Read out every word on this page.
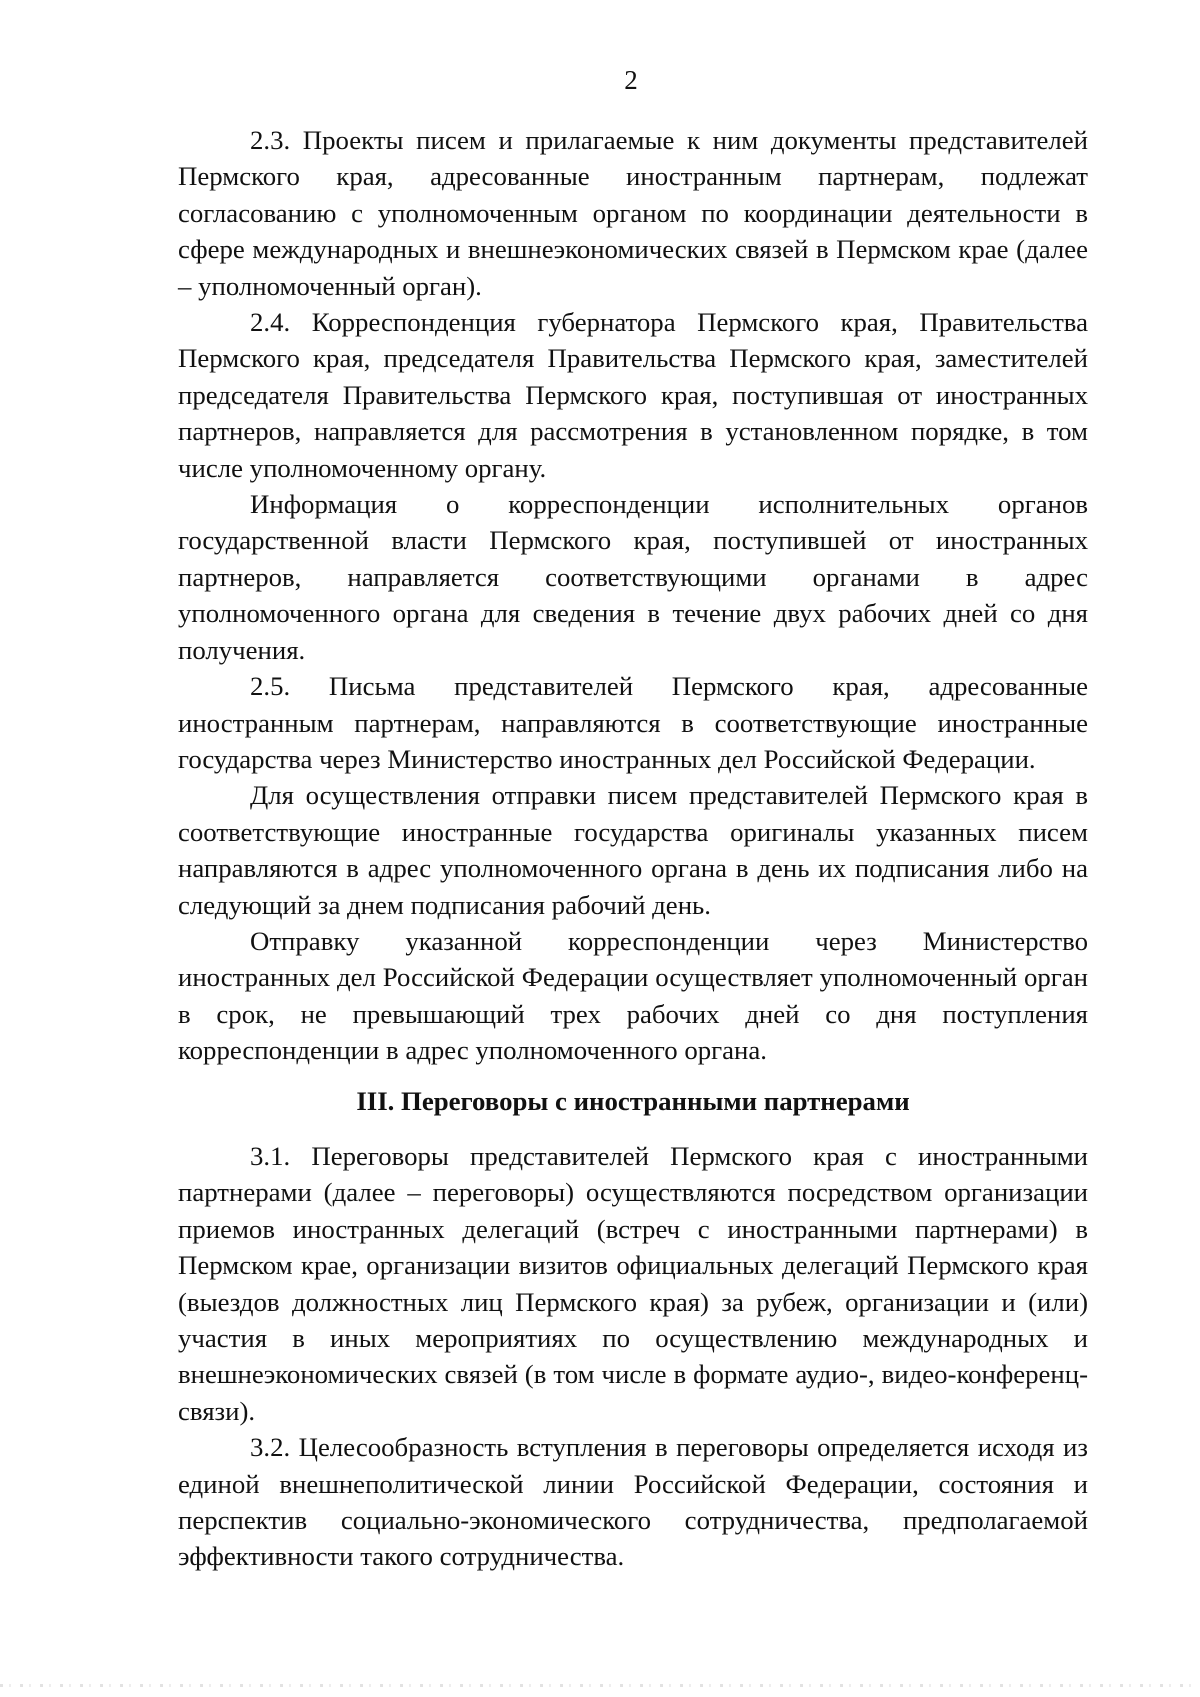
2

2.3. Проекты писем и прилагаемые к ним документы представителей Пермского края, адресованные иностранным партнерам, подлежат согласованию с уполномоченным органом по координации деятельности в сфере международных и внешнеэкономических связей в Пермском крае (далее – уполномоченный орган).

2.4. Корреспонденция губернатора Пермского края, Правительства Пермского края, председателя Правительства Пермского края, заместителей председателя Правительства Пермского края, поступившая от иностранных партнеров, направляется для рассмотрения в установленном порядке, в том числе уполномоченному органу.

Информация о корреспонденции исполнительных органов государственной власти Пермского края, поступившей от иностранных партнеров, направляется соответствующими органами в адрес уполномоченного органа для сведения в течение двух рабочих дней со дня получения.

2.5. Письма представителей Пермского края, адресованные иностранным партнерам, направляются в соответствующие иностранные государства через Министерство иностранных дел Российской Федерации.

Для осуществления отправки писем представителей Пермского края в соответствующие иностранные государства оригиналы указанных писем направляются в адрес уполномоченного органа в день их подписания либо на следующий за днем подписания рабочий день.

Отправку указанной корреспонденции через Министерство иностранных дел Российской Федерации осуществляет уполномоченный орган в срок, не превышающий трех рабочих дней со дня поступления корреспонденции в адрес уполномоченного органа.

III. Переговоры с иностранными партнерами

3.1. Переговоры представителей Пермского края с иностранными партнерами (далее – переговоры) осуществляются посредством организации приемов иностранных делегаций (встреч с иностранными партнерами) в Пермском крае, организации визитов официальных делегаций Пермского края (выездов должностных лиц Пермского края) за рубеж, организации и (или) участия в иных мероприятиях по осуществлению международных и внешнеэкономических связей (в том числе в формате аудио-, видео-конференц-связи).

3.2. Целесообразность вступления в переговоры определяется исходя из единой внешнеполитической линии Российской Федерации, состояния и перспектив социально-экономического сотрудничества, предполагаемой эффективности такого сотрудничества.
